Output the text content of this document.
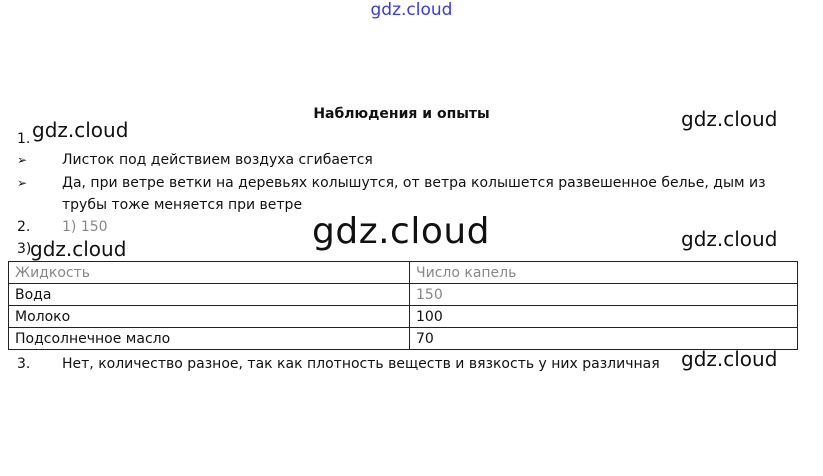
gdz.cloud
Наблюдения и опыты
gdz.cloud	gdz.cloud
1.
➢ Листок под действием воздуха сгибается
➢ Да, при ветре ветки на деревьях колышутся, от ветра колышется развешенное белье, дым из
трубы тоже меняется при ветре
2. 1) 150
3)
gdz.cloud	gdz.cloud	gdz.cloud
Жидкость	Число капель
Вода	150
Молоко	100
Подсолнечное масло	70
3. Нет, количество разное, так как плотность веществ и вязкость у них различная gdz.cloud
